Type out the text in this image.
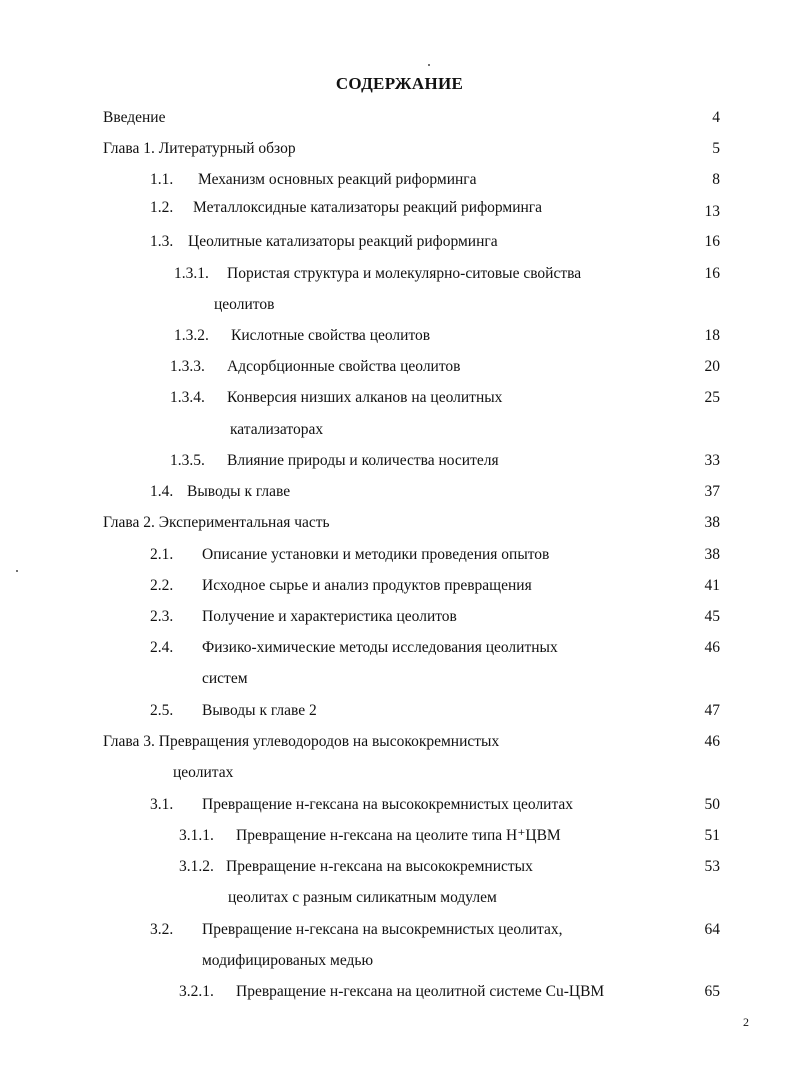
СОДЕРЖАНИЕ
Введение	4
Глава 1. Литературный обзор	5
1.1. Механизм основных реакций риформинга	8
1.2. Металлоксидные катализаторы реакций риформинга	13
1.3. Цеолитные катализаторы реакций риформинга	16
1.3.1. Пористая структура и молекулярно-ситовые свойства	16
цеолитов
1.3.2. Кислотные свойства цеолитов	18
1.3.3. Адсорбционные свойства цеолитов	20
1.3.4. Конверсия низших алканов на цеолитных	25
катализаторах
1.3.5. Влияние природы и количества носителя	33
1.4. Выводы к главе	37
Глава 2. Экспериментальная часть	38
2.1. Описание установки и методики проведения опытов	38
2.2. Исходное сырье и анализ продуктов превращения	41
2.3. Получение и характеристика цеолитов	45
2.4. Физико-химические методы исследования цеолитных	46
систем
2.5. Выводы к главе 2	47
Глава 3. Превращения углеводородов на высококремнистых	46
цеолитах
3.1. Превращение н-гексана на высококремнистых цеолитах	50
3.1.1. Превращение н-гексана на цеолите типа Н⁺ЦВМ	51
3.1.2. Превращение н-гексана на высококремнистых	53
цеолитах с разным силикатным модулем
3.2. Превращение н-гексана на высокремнистых цеолитах,	64
модифицированых медью
3.2.1. Превращение н-гексана на цеолитной системе Cu-ЦВМ	65
2
